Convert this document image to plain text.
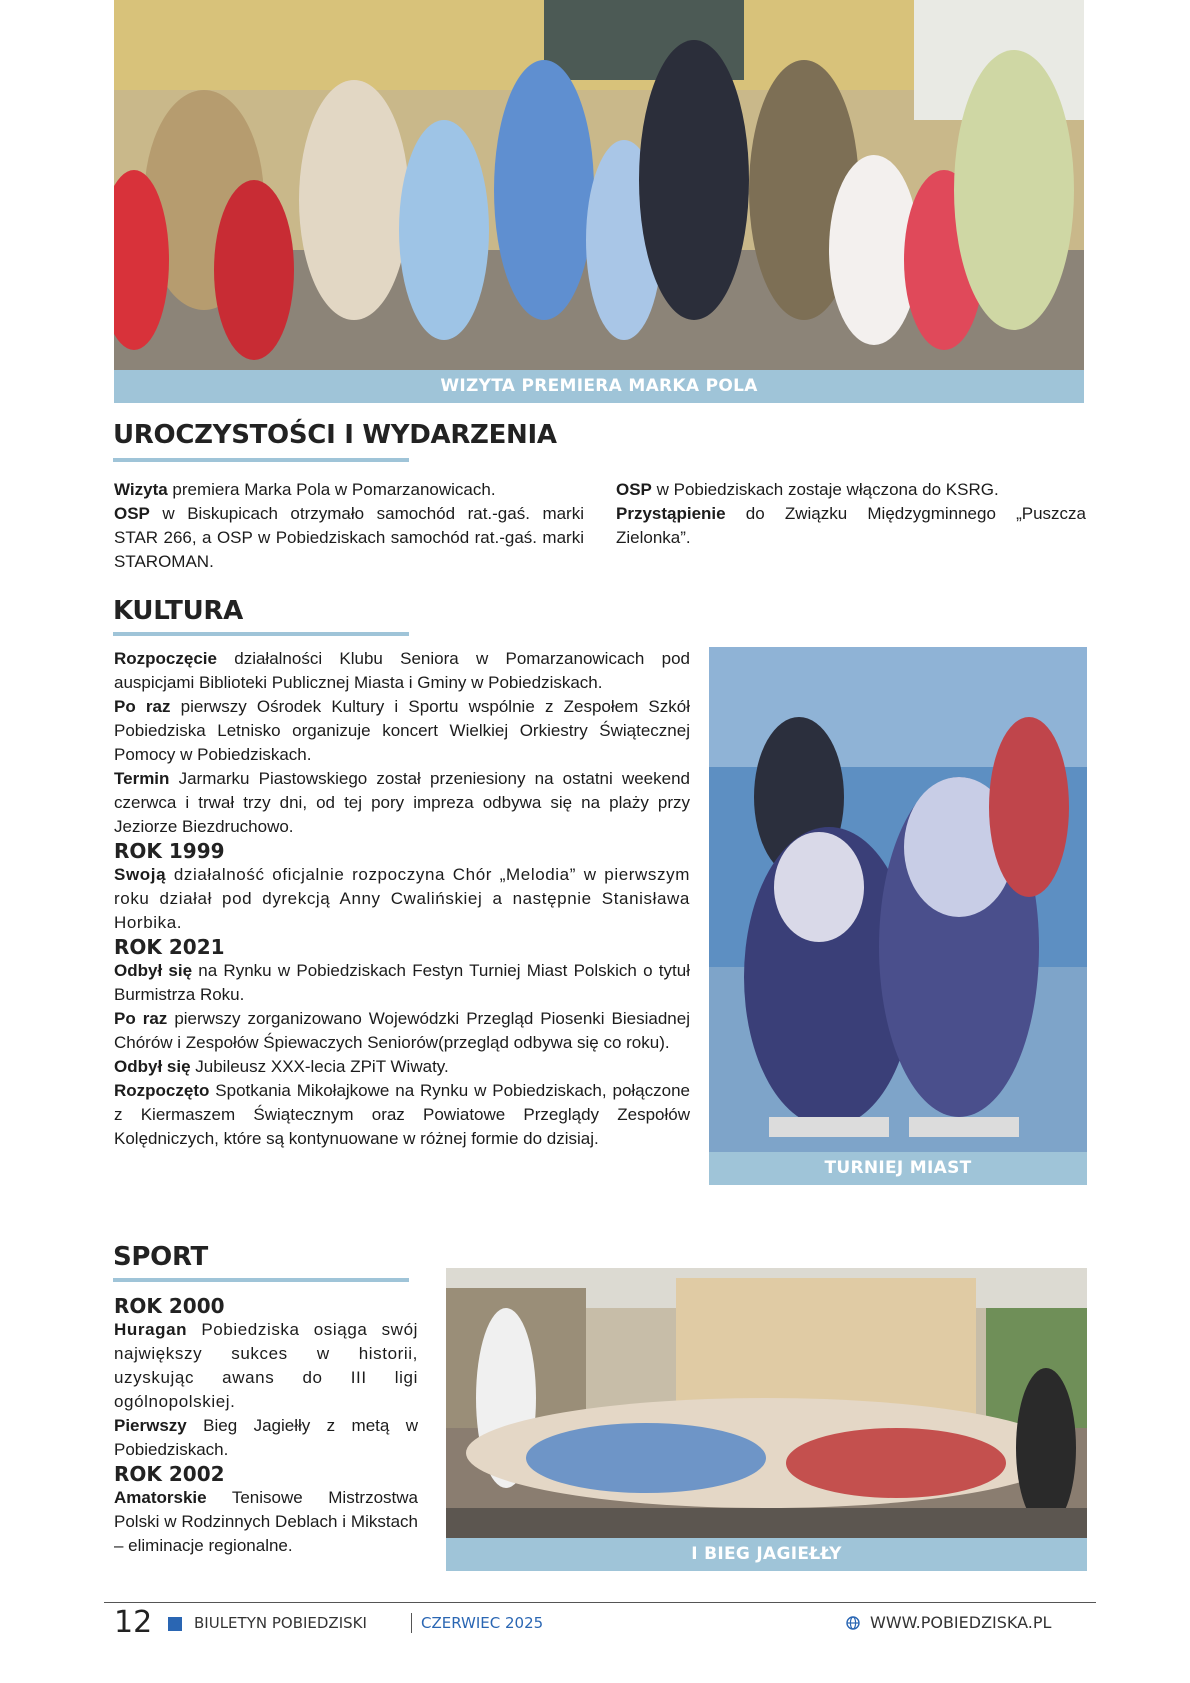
WIZYTA PREMIERA MARKA POLA
UROCZYSTOŚCI I WYDARZENIA

Wizyta premiera Marka Pola w Pomarzanowicach.

OSP w Biskupicach otrzymało samochód rat.-gaś. marki STAR 266, a OSP w Pobiedziskach samochód rat.-gaś. marki STAROMAN.

OSP w Pobiedziskach zostaje włączona do KSRG.

Przystąpienie do Związku Międzygminnego „Puszcza Zielonka”.

KULTURA

Rozpoczęcie działalności Klubu Seniora w Pomarzanowicach pod auspicjami Biblioteki Publicznej Miasta i Gminy w Pobiedziskach.

Po raz pierwszy Ośrodek Kultury i Sportu wspólnie z Zespołem Szkół Pobiedziska Letnisko organizuje koncert Wielkiej Orkiestry Świątecznej Pomocy w Pobiedziskach.

Termin Jarmarku Piastowskiego został przeniesiony na ostatni weekend czerwca i trwał trzy dni, od tej pory impreza odbywa się na plaży przy Jeziorze Biezdruchowo.

ROK 1999

Swoją działalność oficjalnie rozpoczyna Chór „Melodia” w pierwszym roku działał pod dyrekcją Anny Cwalińskiej a następnie Stanisława Horbika.

ROK 2021

Odbył się na Rynku w Pobiedziskach Festyn Turniej Miast Polskich o tytuł Burmistrza Roku.

Po raz pierwszy zorganizowano Wojewódzki Przegląd Piosenki Biesiadnej Chórów i Zespołów Śpiewaczych Seniorów(przegląd odbywa się co roku).

Odbył się Jubileusz XXX-lecia ZPiT Wiwaty.

Rozpoczęto Spotkania Mikołajkowe na Rynku w Pobiedziskach, połączone z Kiermaszem Świątecznym oraz Powiatowe Przeglądy Zespołów Kolędniczych, które są kontynuowane w różnej formie do dzisiaj.

TURNIEJ MIAST
SPORT

ROK 2000

Huragan Pobiedziska osiąga swój największy sukces w historii, uzyskując awans do III ligi ogólnopolskiej.

Pierwszy Bieg Jagiełły z metą w Pobiedziskach.

ROK 2002

Amatorskie Tenisowe Mistrzostwa Polski w Rodzinnych Deblach i Mikstach – eliminacje regionalne.	I BIEG JAGIEŁŁY
12	BIULETYN POBIEDZISKI	CZERWIEC 2025	WWW.POBIEDZISKA.PL
